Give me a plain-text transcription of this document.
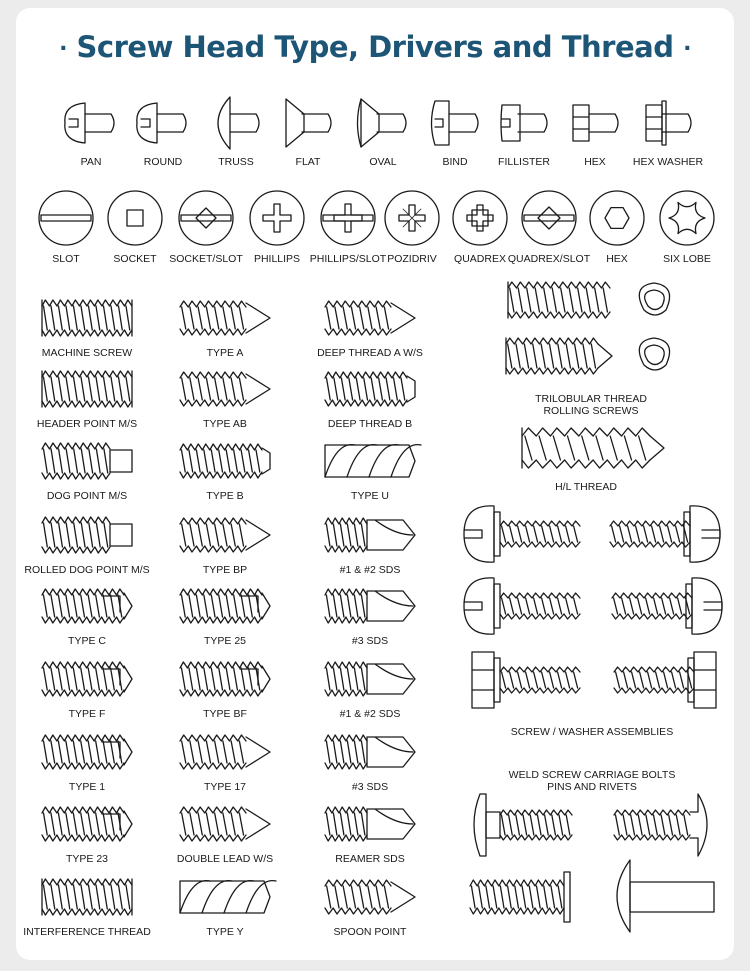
· Screw Head Type, Drivers and Thread ·
PAN	ROUND	TRUSS	FLAT	OVAL	BIND	FILLISTER	HEX	HEX WASHER
SLOT	SOCKET SOCKET/SLOT PHILLIPS PHILLIPS/SLOT POZIDRIV QUADREX QUADREX/SLOT HEX	SIX LOBE
MACHINE SCREW
HEADER POINT M/S
DOG POINT M/S
ROLLED DOG POINT M/S
TYPE C
TYPE F
TYPE 1
TYPE 23
INTERFERENCE THREAD
TYPE A
TYPE AB
TYPE B
TYPE BP
TYPE 25
TYPE BF
TYPE 17
DOUBLE LEAD W/S
TYPE Y
DEEP THREAD A W/S
DEEP THREAD B
TYPE U
#1 & #2 SDS
#3 SDS
#1 & #2 SDS
#3 SDS
REAMER SDS
SPOON POINT
TRILOBULAR THREAD
ROLLING SCREWS
H/L THREAD
SCREW / WASHER ASSEMBLIES
WELD SCREW CARRIAGE BOLTS
PINS AND RIVETS
